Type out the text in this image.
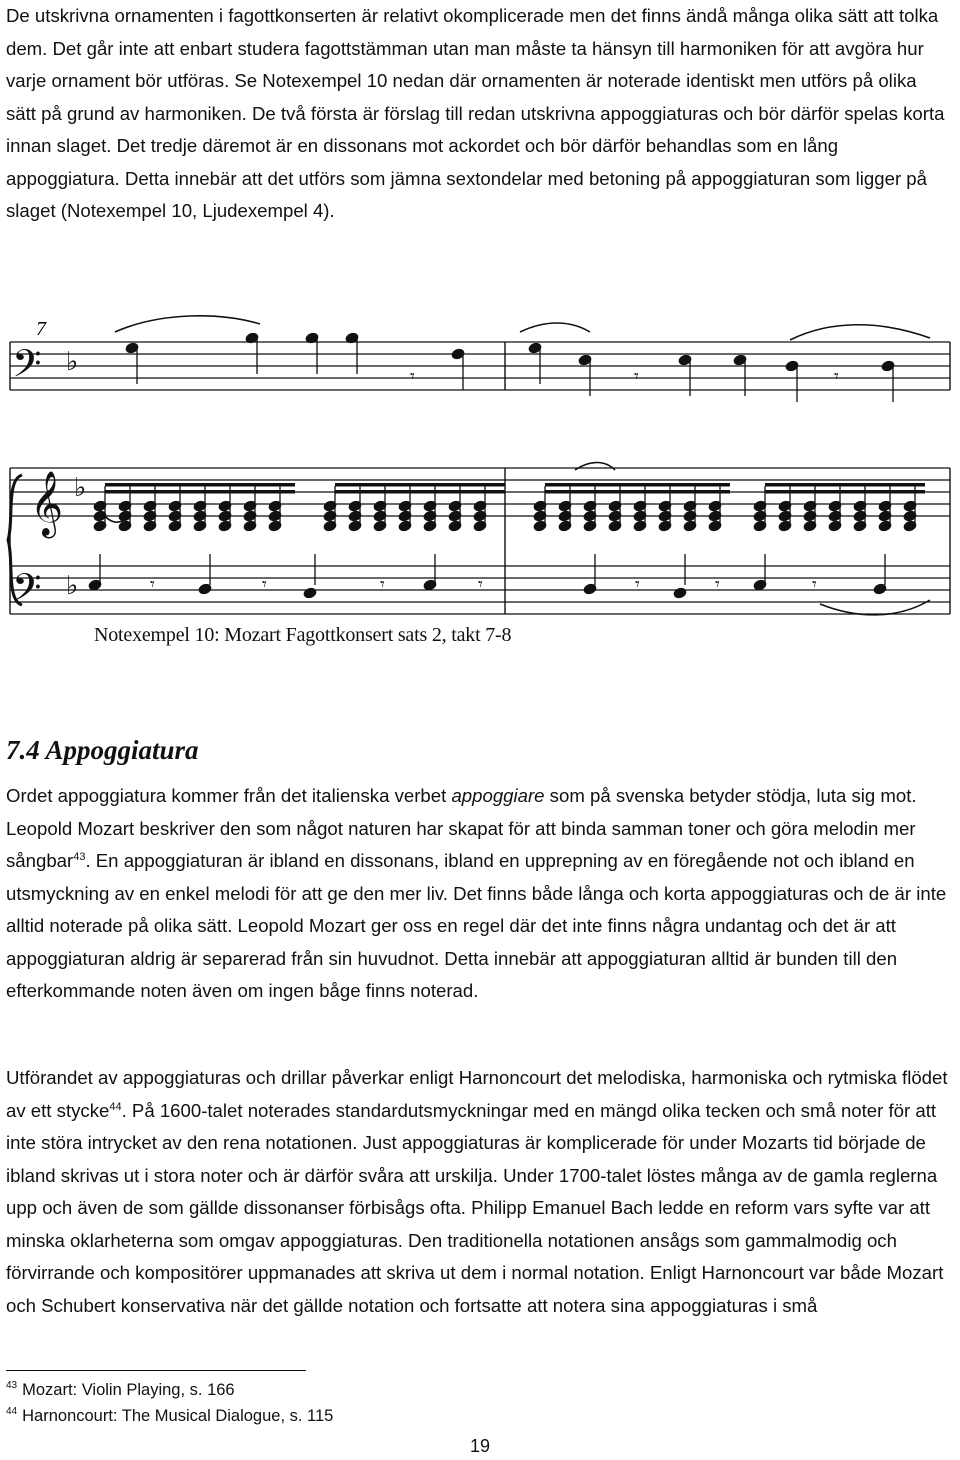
De utskrivna ornamenten i fagottkonserten är relativt okomplicerade men det finns ändå många olika sätt att tolka dem. Det går inte att enbart studera fagottstämman utan man måste ta hänsyn till harmoniken för att avgöra hur varje ornament bör utföras. Se Notexempel 10 nedan där ornamenten är noterade identiskt men utförs på olika sätt på grund av harmoniken. De två första är förslag till redan utskrivna appoggiaturas och bör därför spelas korta innan slaget. Det tredje däremot är en dissonans mot ackordet och bör därför behandlas som en lång appoggiatura. Detta innebär att det utförs som jämna sextondelar med betoning på appoggiaturan som ligger på slaget (Notexempel 10, Ljudexempel 4).

7
𝄢
𝄢
𝄞
♭
♭
♭
𝄾	𝄾	𝄾
𝄾	𝄾	𝄾	𝄾	𝄾	𝄾	𝄾
Notexempel 10: Mozart Fagottkonsert sats 2, takt 7-8
7.4 Appoggiatura

Ordet appoggiatura kommer från det italienska verbet appoggiare som på svenska betyder stödja, luta sig mot. Leopold Mozart beskriver den som något naturen har skapat för att binda samman toner och göra melodin mer sångbar$^{43}$. En appoggiaturan är ibland en dissonans, ibland en upprepning av en föregående not och ibland en utsmyckning av en enkel melodi för att ge den mer liv. Det finns både långa och korta appoggiaturas och de är inte alltid noterade på olika sätt. Leopold Mozart ger oss en regel där det inte finns några undantag och det är att appoggiaturan aldrig är separerad från sin huvudnot. Detta innebär att appoggiaturan alltid är bunden till den efterkommande noten även om ingen båge finns noterad.

Utförandet av appoggiaturas och drillar påverkar enligt Harnoncourt det melodiska, harmoniska och rytmiska flödet av ett stycke$^{44}$. På 1600-talet noterades standardutsmyckningar med en mängd olika tecken och små noter för att inte störa intrycket av den rena notationen. Just appoggiaturas är komplicerade för under Mozarts tid började de ibland skrivas ut i stora noter och är därför svåra att urskilja. Under 1700-talet löstes många av de gamla reglerna upp och även de som gällde dissonanser förbisågs ofta. Philipp Emanuel Bach ledde en reform vars syfte var att minska oklarheterna som omgav appoggiaturas. Den traditionella notationen ansågs som gammalmodig och förvirrande och kompositörer uppmanades att skriva ut dem i normal notation. Enligt Harnoncourt var både Mozart och Schubert konservativa när det gällde notation och fortsatte att notera sina appoggiaturas i små

$^{43}$ Mozart: Violin Playing, s. 166
$^{44}$ Harnoncourt: The Musical Dialogue, s. 115
19
